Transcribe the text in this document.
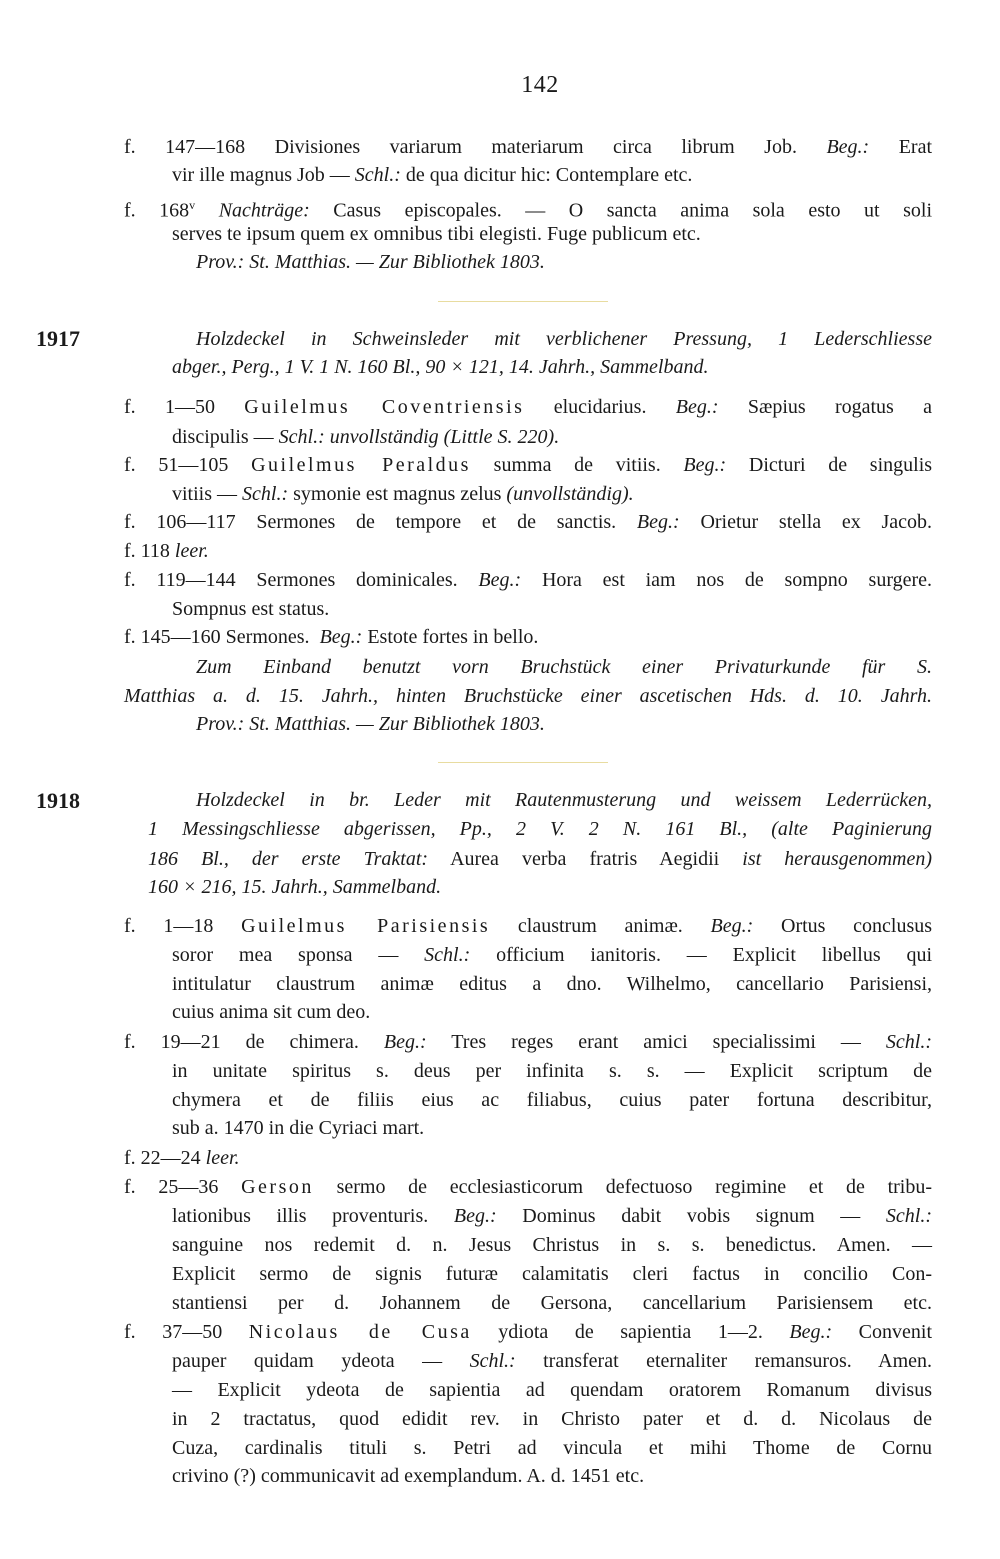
142
f. 147—168 Divisiones variarum materiarum circa librum Job. Beg.: Erat
vir ille magnus Job — Schl.: de qua dicitur hic: Contemplare etc.
f. 168$^v$ Nachträge: Casus episcopales. — O sancta anima sola esto ut soli
serves te ipsum quem ex omnibus tibi elegisti. Fuge publicum etc.
Prov.: St. Matthias. — Zur Bibliothek 1803.
1917	Holzdeckel in Schweinsleder mit verblichener Pressung, 1 Lederschliesse
abger., Perg., 1 V. 1 N. 160 Bl., 90 × 121, 14. Jahrh., Sammelband.
f. 1—50 Guilelmus Coventriensis elucidarius. Beg.: Sæpius rogatus a
discipulis — Schl.: unvollständig (Little S. 220).
f. 51—105 Guilelmus Peraldus summa de vitiis. Beg.: Dicturi de singulis
vitiis — Schl.: symonie est magnus zelus (unvollständig).
f. 106—117 Sermones de tempore et de sanctis. Beg.: Orietur stella ex Jacob.
f. 118 leer.
f. 119—144 Sermones dominicales. Beg.: Hora est iam nos de sompno surgere.
Sompnus est status.
f. 145—160 Sermones. Beg.: Estote fortes in bello.
Zum Einband benutzt vorn Bruchstück einer Privaturkunde für S.
Matthias a. d. 15. Jahrh., hinten Bruchstücke einer ascetischen Hds. d. 10. Jahrh.
Prov.: St. Matthias. — Zur Bibliothek 1803.
1918	Holzdeckel in br. Leder mit Rautenmusterung und weissem Lederrücken,
1 Messingschliesse abgerissen, Pp., 2 V. 2 N. 161 Bl., (alte Paginierung
186 Bl., der erste Traktat: Aurea verba fratris Aegidii ist herausgenommen)
160 × 216, 15. Jahrh., Sammelband.
f. 1—18 Guilelmus Parisiensis claustrum animæ. Beg.: Ortus conclusus
soror mea sponsa — Schl.: officium ianitoris. — Explicit libellus qui
intitulatur claustrum animæ editus a dno. Wilhelmo, cancellario Parisiensi,
cuius anima sit cum deo.
f. 19—21 de chimera. Beg.: Tres reges erant amici specialissimi — Schl.:
in unitate spiritus s. deus per infinita s. s. — Explicit scriptum de
chymera et de filiis eius ac filiabus, cuius pater fortuna describitur,
sub a. 1470 in die Cyriaci mart.
f. 22—24 leer.
f. 25—36 Gerson sermo de ecclesiasticorum defectuoso regimine et de tribu-
lationibus illis proventuris. Beg.: Dominus dabit vobis signum — Schl.:
sanguine nos redemit d. n. Jesus Christus in s. s. benedictus. Amen. —
Explicit sermo de signis futuræ calamitatis cleri factus in concilio Con-
stantiensi per d. Johannem de Gersona, cancellarium Parisiensem etc.
f. 37—50 Nicolaus de Cusa ydiota de sapientia 1—2. Beg.: Convenit
pauper quidam ydeota — Schl.: transferat eternaliter remansuros. Amen.
— Explicit ydeota de sapientia ad quendam oratorem Romanum divisus
in 2 tractatus, quod edidit rev. in Christo pater et d. d. Nicolaus de
Cuza, cardinalis tituli s. Petri ad vincula et mihi Thome de Cornu
crivino (?) communicavit ad exemplandum. A. d. 1451 etc.
